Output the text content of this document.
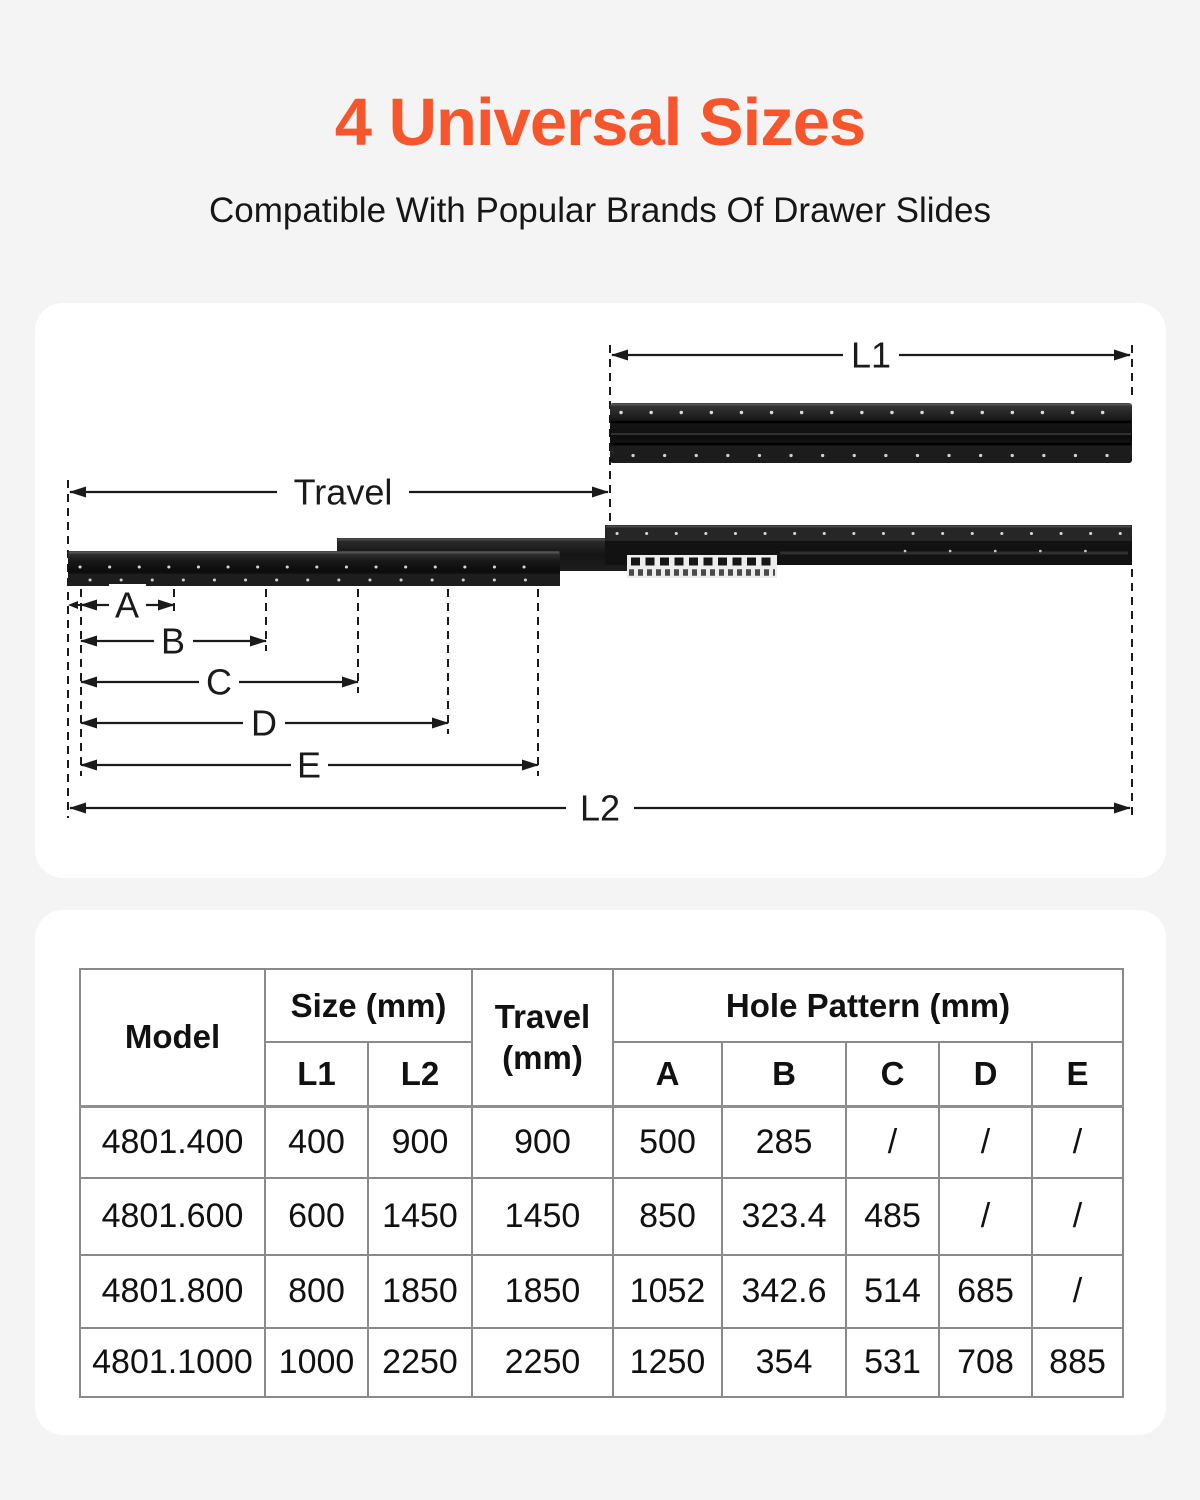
4 Universal Sizes

Compatible With Popular Brands Of Drawer Slides

L1
Travel
A
B
C
D
E
L2
Model	Size (mm)		Travel
(mm)	Hole Pattern (mm)				
	L1	L2		A	B	C	D	E
4801.400	400	900	900	500	285	/	/	/
4801.600	600	1450	1450	850	323.4	485	/	/
4801.800	800	1850	1850	1052	342.6	514	685	/
4801.1000	1000	2250	2250	1250	354	531	708	885
